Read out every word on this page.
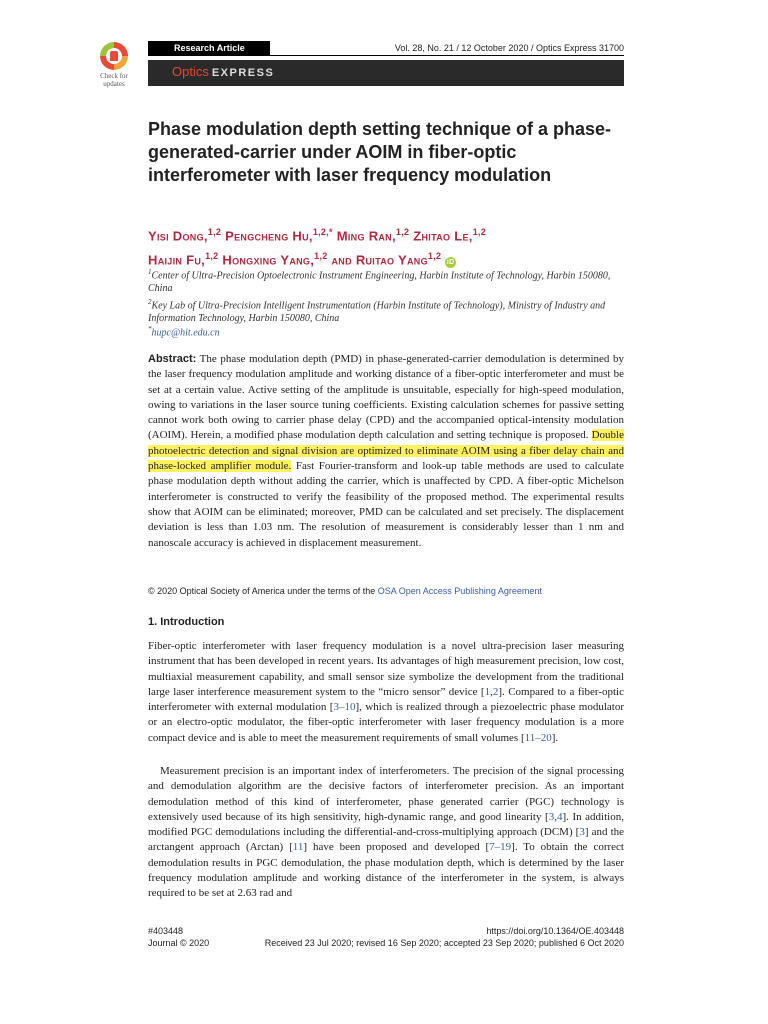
Check for
updates
Research Article	Vol. 28, No. 21 / 12 October 2020 / Optics Express 31700
Optics EXPRESS
Phase modulation depth setting technique of a phase-generated-carrier under AOIM in fiber-optic interferometer with laser frequency modulation
Yisi Dong,$^{1,2}$ Pengcheng Hu,$^{1,2,*}$ Ming Ran,$^{1,2}$ Zhitao Le,$^{1,2}$
Haijin Fu,$^{1,2}$ Hongxing Yang,$^{1,2}$ and Ruitao Yang$^{1,2}$ iD
$^1$Center of Ultra-Precision Optoelectronic Instrument Engineering, Harbin Institute of Technology, Harbin 150080, China
$^2$Key Lab of Ultra-Precision Intelligent Instrumentation (Harbin Institute of Technology), Ministry of Industry and Information Technology, Harbin 150080, China
*hupc@hit.edu.cn
Abstract: The phase modulation depth (PMD) in phase-generated-carrier demodulation is determined by the laser frequency modulation amplitude and working distance of a fiber-optic interferometer and must be set at a certain value. Active setting of the amplitude is unsuitable, especially for high-speed modulation, owing to variations in the laser source tuning coefficients. Existing calculation schemes for passive setting cannot work both owing to carrier phase delay (CPD) and the accompanied optical-intensity modulation (AOIM). Herein, a modified phase modulation depth calculation and setting technique is proposed. Double photoelectric detection and signal division are optimized to eliminate AOIM using a fiber delay chain and phase-locked amplifier module. Fast Fourier-transform and look-up table methods are used to calculate phase modulation depth without adding the carrier, which is unaffected by CPD. A fiber-optic Michelson interferometer is constructed to verify the feasibility of the proposed method. The experimental results show that AOIM can be eliminated; moreover, PMD can be calculated and set precisely. The displacement deviation is less than 1.03 nm. The resolution of measurement is considerably lesser than 1 nm and nanoscale accuracy is achieved in displacement measurement.
© 2020 Optical Society of America under the terms of the OSA Open Access Publishing Agreement
1. Introduction
Fiber-optic interferometer with laser frequency modulation is a novel ultra-precision laser measuring instrument that has been developed in recent years. Its advantages of high measurement precision, low cost, multiaxial measurement capability, and small sensor size symbolize the development from the traditional large laser interference measurement system to the “micro sensor” device [1,2]. Compared to a fiber-optic interferometer with external modulation [3–10], which is realized through a piezoelectric phase modulator or an electro-optic modulator, the fiber-optic interferometer with laser frequency modulation is a more compact device and is able to meet the measurement requirements of small volumes [11–20].
Measurement precision is an important index of interferometers. The precision of the signal processing and demodulation algorithm are the decisive factors of interferometer precision. As an important demodulation method of this kind of interferometer, phase generated carrier (PGC) technology is extensively used because of its high sensitivity, high-dynamic range, and good linearity [3,4]. In addition, modified PGC demodulations including the differential-and-cross-multiplying approach (DCM) [3] and the arctangent approach (Arctan) [11] have been proposed and developed [7–19]. To obtain the correct demodulation results in PGC demodulation, the phase modulation depth, which is determined by the laser frequency modulation amplitude and working distance of the interferometer in the system, is always required to be set at 2.63 rad and
#403448
Journal © 2020
https://doi.org/10.1364/OE.403448
Received 23 Jul 2020; revised 16 Sep 2020; accepted 23 Sep 2020; published 6 Oct 2020
